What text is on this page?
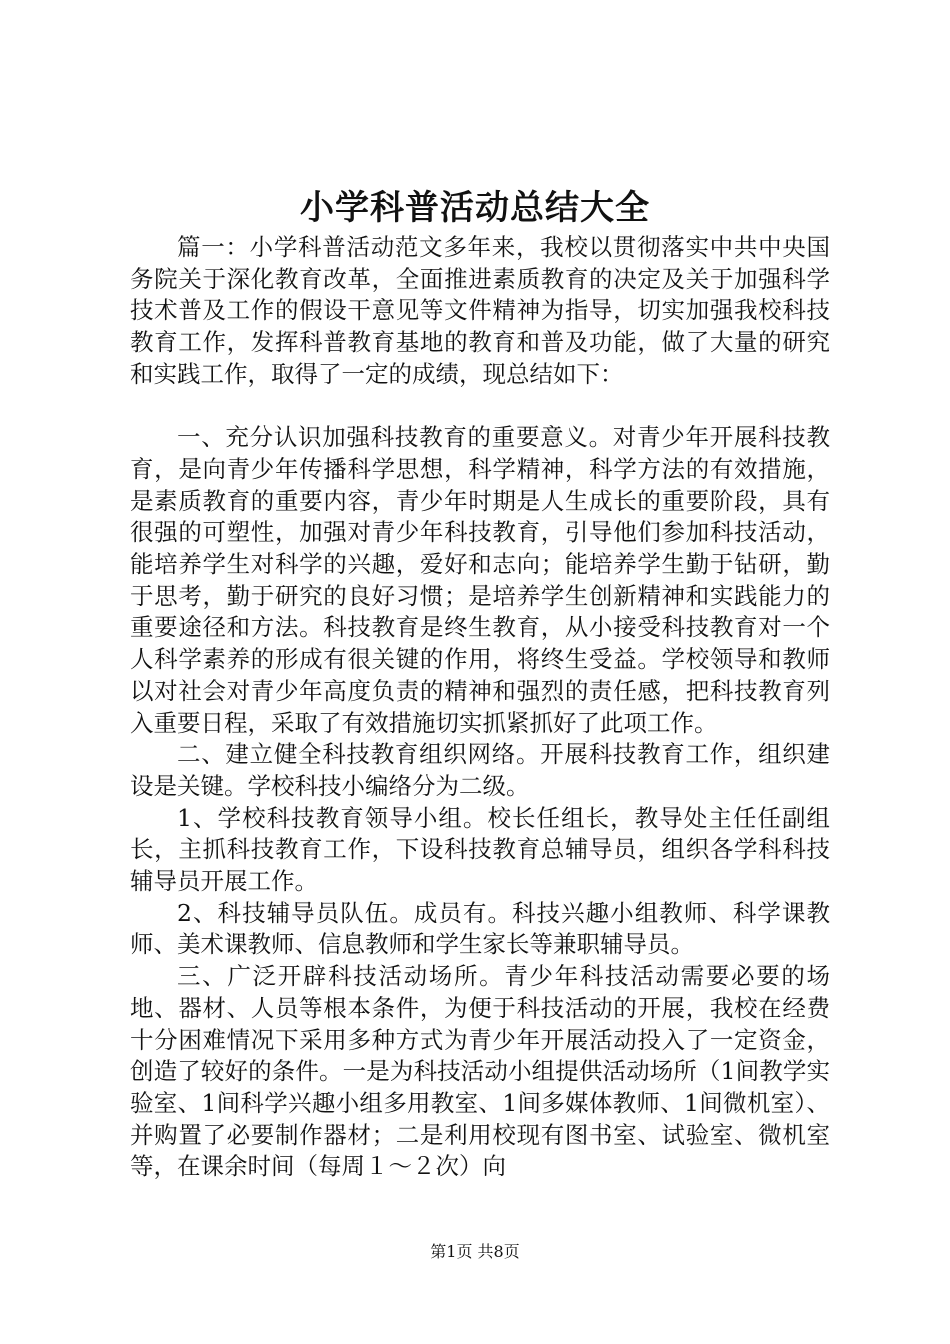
小学科普活动总结大全

篇一：小学科普活动范文多年来，我校以贯彻落实中共中央国务院关于深化教育改革，全面推进素质教育的决定及关于加强科学技术普及工作的假设干意见等文件精神为指导，切实加强我校科技教育工作，发挥科普教育基地的教育和普及功能，做了大量的研究和实践工作，取得了一定的成绩，现总结如下：

一、充分认识加强科技教育的重要意义。对青少年开展科技教育，是向青少年传播科学思想，科学精神，科学方法的有效措施，是素质教育的重要内容，青少年时期是人生成长的重要阶段，具有很强的可塑性，加强对青少年科技教育，引导他们参加科技活动，能培养学生对科学的兴趣，爱好和志向；能培养学生勤于钻研，勤于思考，勤于研究的良好习惯；是培养学生创新精神和实践能力的重要途径和方法。科技教育是终生教育，从小接受科技教育对一个人科学素养的形成有很关键的作用，将终生受益。学校领导和教师以对社会对青少年高度负责的精神和强烈的责任感，把科技教育列入重要日程，采取了有效措施切实抓紧抓好了此项工作。

二、建立健全科技教育组织网络。开展科技教育工作，组织建设是关键。学校科技小编络分为二级。

1、学校科技教育领导小组。校长任组长，教导处主任任副组长，主抓科技教育工作，下设科技教育总辅导员，组织各学科科技辅导员开展工作。

2、科技辅导员队伍。成员有。科技兴趣小组教师、科学课教师、美术课教师、信息教师和学生家长等兼职辅导员。

三、广泛开辟科技活动场所。青少年科技活动需要必要的场地、器材、人员等根本条件，为便于科技活动的开展，我校在经费十分困难情况下采用多种方式为青少年开展活动投入了一定资金，创造了较好的条件。一是为科技活动小组提供活动场所（1间教学实验室、1间科学兴趣小组多用教室、1间多媒体教师、1间微机室）、并购置了必要制作器材；二是利用校现有图书室、试验室、微机室等，在课余时间（每周１～２次）向

第1页 共8页
